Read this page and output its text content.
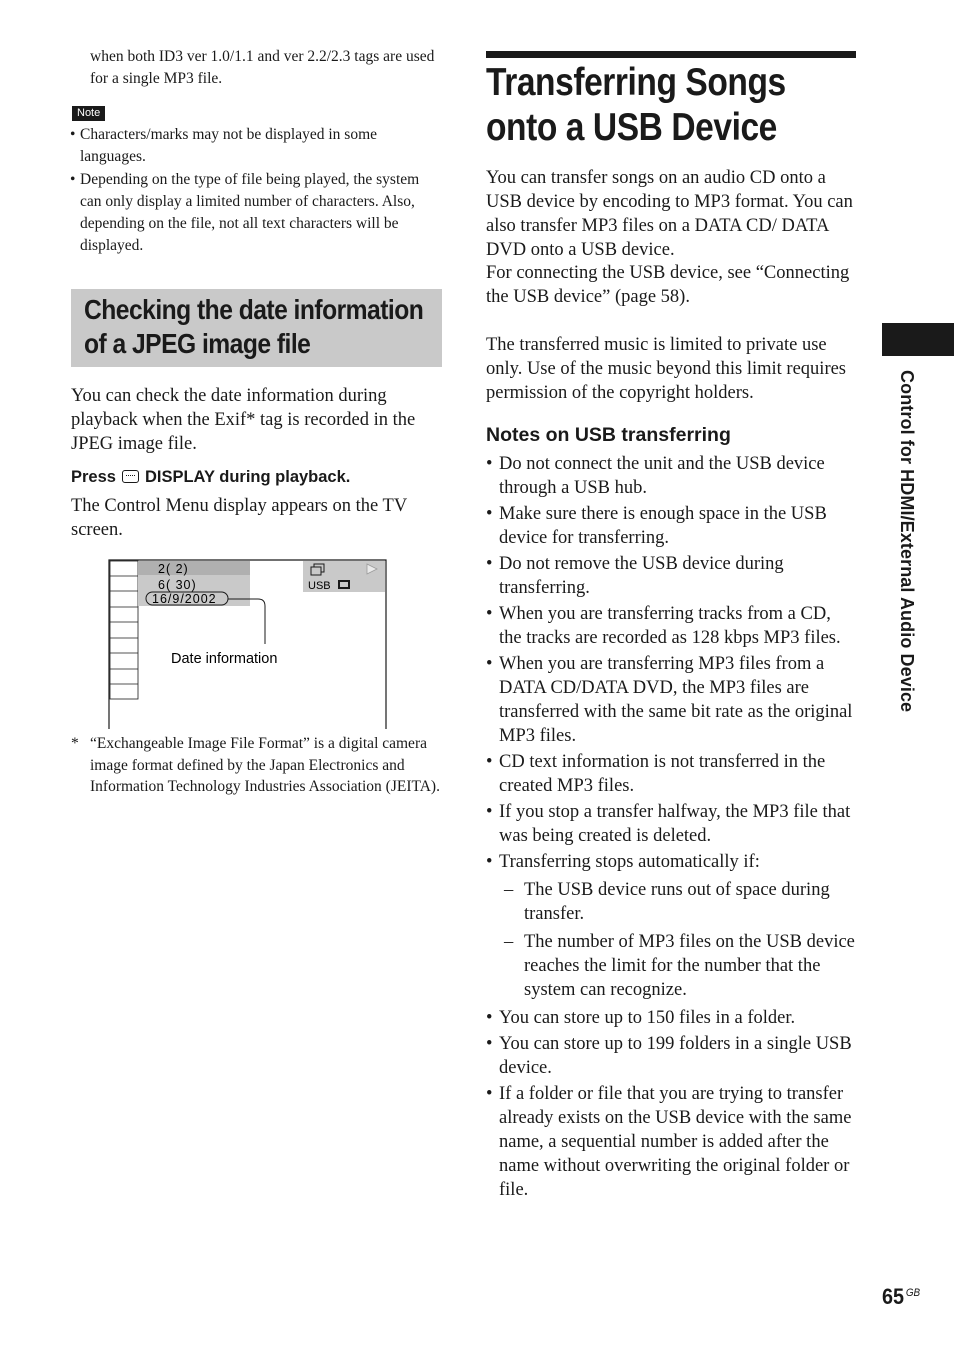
when both ID3 ver 1.0/1.1 and ver 2.2/2.3 tags are used for a single MP3 file.
Note
• Characters/marks may not be displayed in some languages.
• Depending on the type of file being played, the system can only display a limited number of characters. Also, depending on the file, not all text characters will be displayed.
Checking the date information of a JPEG image file
You can check the date information during playback when the Exif* tag is recorded in the JPEG image file.
Press DISPLAY during playback.
The Control Menu display appears on the TV screen.
2( 2)
6( 30)
16/9/2002
USB
Date information
* “Exchangeable Image File Format” is a digital camera image format defined by the Japan Electronics and Information Technology Industries Association (JEITA).
Transferring Songs onto a USB Device
You can transfer songs on an audio CD onto a USB device by encoding to MP3 format. You can also transfer MP3 files on a DATA CD/ DATA DVD onto a USB device.
For connecting the USB device, see “Connecting the USB device” (page 58).
The transferred music is limited to private use only. Use of the music beyond this limit requires permission of the copyright holders.
Notes on USB transferring
• Do not connect the unit and the USB device through a USB hub.
• Make sure there is enough space in the USB device for transferring.
• Do not remove the USB device during transferring.
• When you are transferring tracks from a CD, the tracks are recorded as 128 kbps MP3 files.
• When you are transferring MP3 files from a DATA CD/DATA DVD, the MP3 files are transferred with the same bit rate as the original MP3 files.
• CD text information is not transferred in the created MP3 files.
• If you stop a transfer halfway, the MP3 file that was being created is deleted.
• Transferring stops automatically if:
– The USB device runs out of space during transfer.
– The number of MP3 files on the USB device reaches the limit for the number that the system can recognize.
• You can store up to 150 files in a folder.
• You can store up to 199 folders in a single USB device.
• If a folder or file that you are trying to transfer already exists on the USB device with the same name, a sequential number is added after the name without overwriting the original folder or file.
Control for HDMI/External Audio Device
65 $^{GB}$
